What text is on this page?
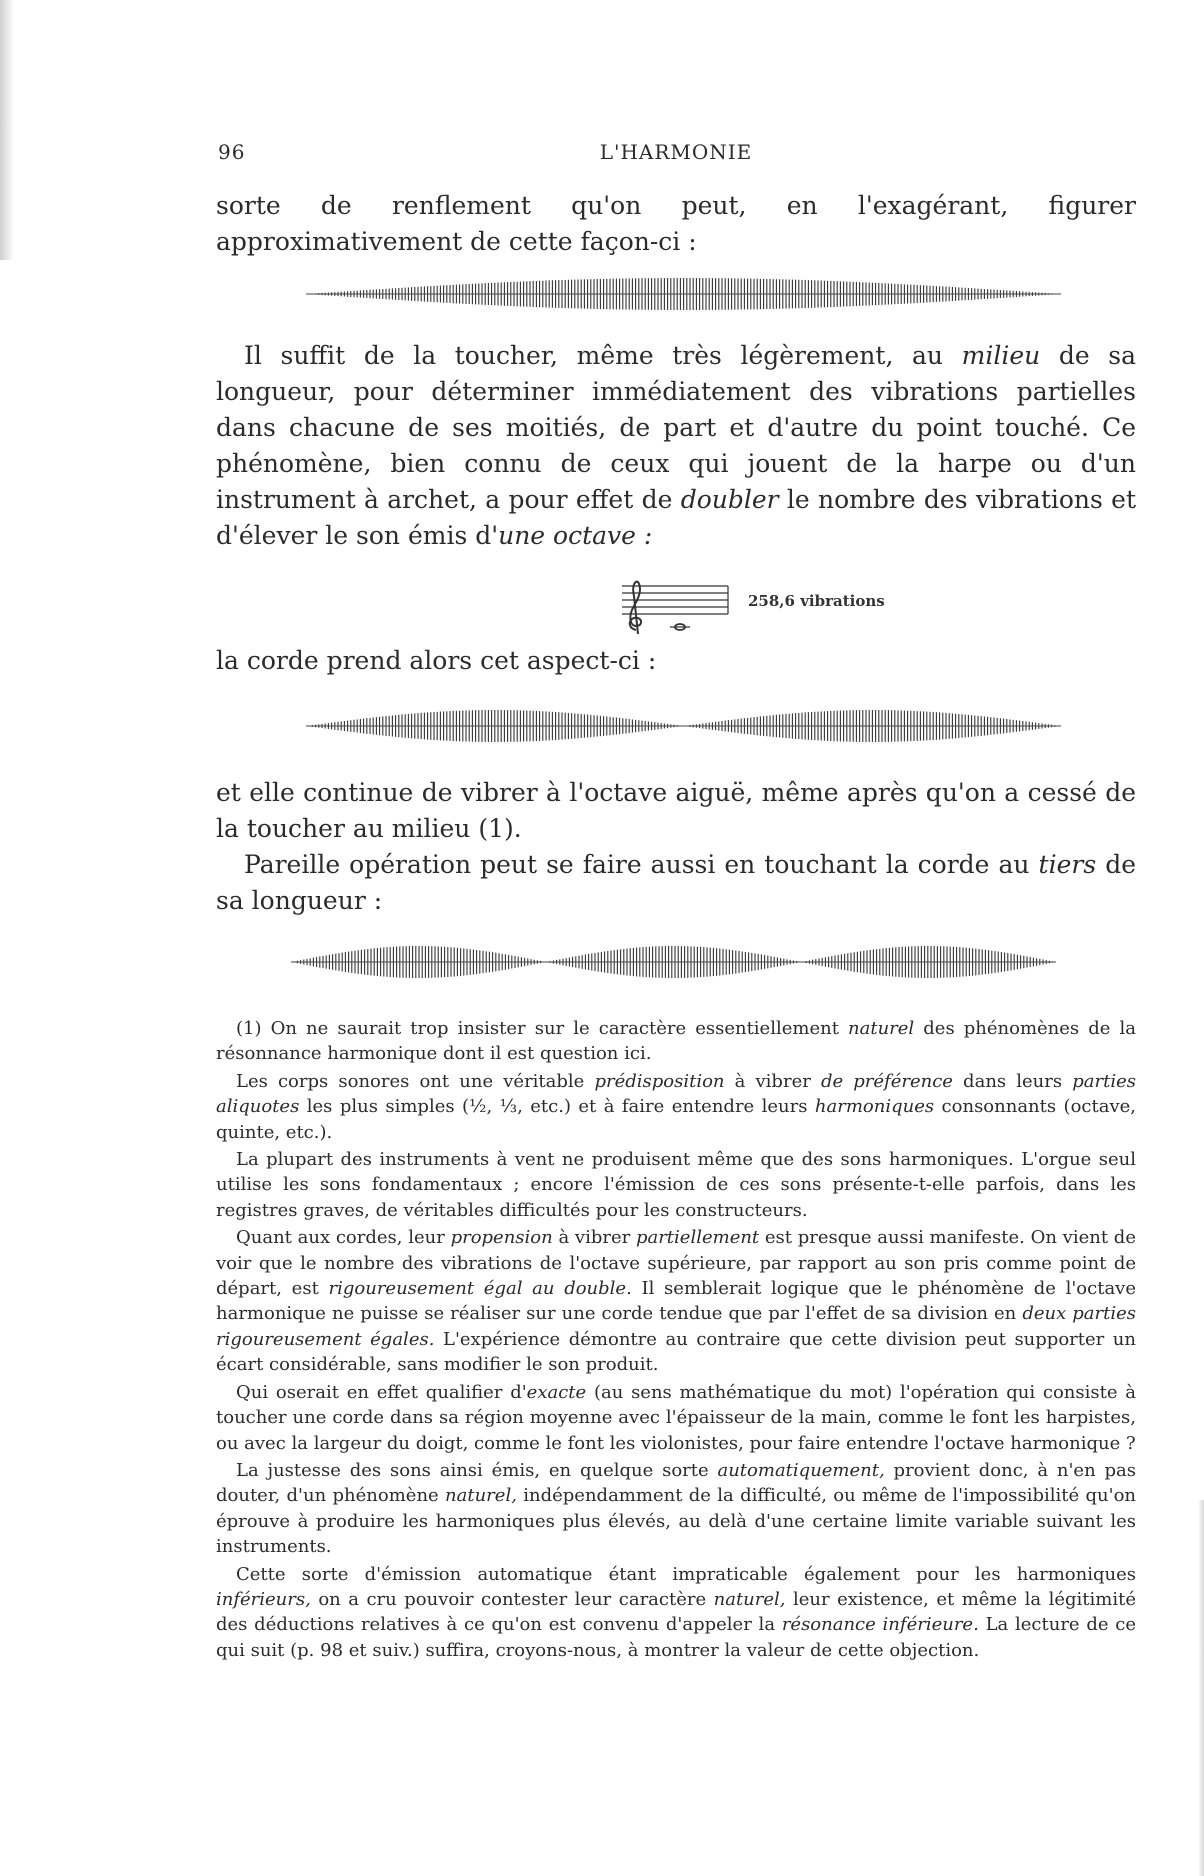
96	L'HARMONIE

sorte de renflement qu'on peut, en l'exagérant, figurer approximativement de cette façon-ci :

Il suffit de la toucher, même très légèrement, au milieu de sa longueur, pour déterminer immédiatement des vibrations partielles dans chacune de ses moitiés, de part et d'autre du point touché. Ce phénomène, bien connu de ceux qui jouent de la harpe ou d'un instrument à archet, a pour effet de doubler le nombre des vibrations et d'élever le son émis d'une octave :

258,6 vibrations

la corde prend alors cet aspect-ci :

et elle continue de vibrer à l'octave aiguë, même après qu'on a cessé de la toucher au milieu (1).

Pareille opération peut se faire aussi en touchant la corde au tiers de sa longueur :

(1) On ne saurait trop insister sur le caractère essentiellement naturel des phénomènes de la résonnance harmonique dont il est question ici.

Les corps sonores ont une véritable prédisposition à vibrer de préférence dans leurs parties aliquotes les plus simples (½, ⅓, etc.) et à faire entendre leurs harmoniques consonnants (octave, quinte, etc.).

La plupart des instruments à vent ne produisent même que des sons harmoniques. L'orgue seul utilise les sons fondamentaux ; encore l'émission de ces sons présente-t-elle parfois, dans les registres graves, de véritables difficultés pour les constructeurs.

Quant aux cordes, leur propension à vibrer partiellement est presque aussi manifeste. On vient de voir que le nombre des vibrations de l'octave supérieure, par rapport au son pris comme point de départ, est rigoureusement égal au double. Il semblerait logique que le phénomène de l'octave harmonique ne puisse se réaliser sur une corde tendue que par l'effet de sa division en deux parties rigoureusement égales. L'expérience démontre au contraire que cette division peut supporter un écart considérable, sans modifier le son produit.

Qui oserait en effet qualifier d'exacte (au sens mathématique du mot) l'opération qui consiste à toucher une corde dans sa région moyenne avec l'épaisseur de la main, comme le font les harpistes, ou avec la largeur du doigt, comme le font les violonistes, pour faire entendre l'octave harmonique ?

La justesse des sons ainsi émis, en quelque sorte automatiquement, provient donc, à n'en pas douter, d'un phénomène naturel, indépendamment de la difficulté, ou même de l'impossibilité qu'on éprouve à produire les harmoniques plus élevés, au delà d'une certaine limite variable suivant les instruments.

Cette sorte d'émission automatique étant impraticable également pour les harmoniques inférieurs, on a cru pouvoir contester leur caractère naturel, leur existence, et même la légitimité des déductions relatives à ce qu'on est convenu d'appeler la résonance inférieure. La lecture de ce qui suit (p. 98 et suiv.) suffira, croyons-nous, à montrer la valeur de cette objection.
